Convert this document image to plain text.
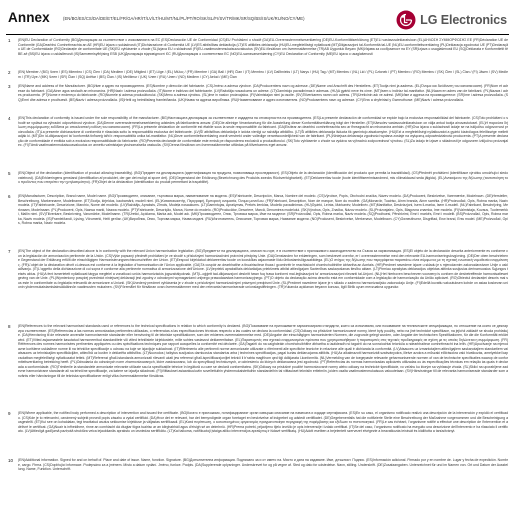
Annex	(EN/BG/ES/CS/DA/DE/ET/EL/FR/GA/HR/IT/LV/LT/HU/MT/NL/PL/PT/RO/SK/SL/FI/SV/TR/MK/SR/SQ/BS/IS/UK/RU/NO/CY/ME)	LG Electronics
1	(EN)EU Declaration of Conformity (BG)Декларация за съответствие с изискванията на ЕС (ES)Declaración UE de Conformidad (CS)EU Prohlášení o shodě (DA)EU-Overensstemmelseserklæring (DE)EU-Konformitätserklärung (ET)ELi vastavusdeklaratsioon (EL)ΔΗΛΩΣΗ ΣΥΜΜΟΡΦΩΣΗΣ ΕΕ (FR)Déclaration UE de Conformité (GA)Dearbhú Comhréireachta an AE (HR)EU izjava o sukladnosti (IT)Dichiarazione di Conformità UE (LV)ES atbilstības deklarācija (LT)ES atitikties deklaracija (HU)EU-megfelelőségi nyilatkozat (MT)Dikjarazzjoni tal-Konformità tal-UE (NL)EU-conformiteitsverklaring (PL)Deklaracja zgodności UE (PT)Declaração UE de Conformidade (RO)Declarație de conformitate UE (SK)EÚ vyhlásenie o zhode (SL)Izjava EU o skladnosti (FI)EU-vaatimustenmukaisuusvakuutus (SV)EU-försäkran om överensstämmelse (TR)AB Uygunluk Beyanı (MK)Изјава за сообразност на ЕУ (SR)Izjava o usaglašenosti EU (SQ)Deklarata e Konformitetit të BE-së (BS)EU izjava o usklađenosti (IS)Samræmisyfirlýsing ESB (UK)Декларація відповідності ЄС (RU)Декларация о соответствии ЕС (NO)EU-samsvarserklæring (CY)EU Declaration of Conformity (ME)EU izjava o usaglašenosti
2	(EN) Member / (BG) Член / (ES) Miembro / (CS) Člen / (DA) Medlem / (DE) Mitglied / (ET) Liige / (EL) Μέλος / (FR) Membre / (GA) Ball / (HR) Član / (IT) Membro / (LV) Dalībnieks / (LT) Narys / (HU) Tag / (MT) Membru / (NL) Lid / (PL) Członek / (PT) Membro / (RO) Membru / (SK) Člen / (SL) Član / (FI) Jäsen / (SV) Medlem / (TR) Üye / (MK) Член / (SR) Član / (SQ) Anëtar / (BS) Član / (IS) Meðlimur / (UK) Член / (RU) Член / (NO) Medlem / (CY) Aelod / (ME) Član
3	(EN)Name and address of the Manufacturer. (BG)Име и адрес на производителя. (ES)Nombre y dirección del fabricante. (CS)Jméno a adresa výrobce. (DA)Producentens navn og adresse. (DE)Name und Anschrift des Herstellers. (ET)Tootja nimi ja aadress. (EL)Όνομα και διεύθυνση του κατασκευαστή. (FR)Nom et adresse du fabricant. (GA)Ainm agus seoladh an mhonaróra. (HR)Naziv i adresa proizvođača. (IT)Nome e indirizzo del fabbricante. (LV)Ražotāja nosaukums un adrese. (LT)Gamintojo pavadinimas ir adresas. (HU)A gyártó neve és címe. (MT)Isem u indirizz tal-manifattur. (NL)Naam en adres van de fabrikant. (PL)Nazwa i adres producenta. (PT)Nome e endereço do fabricante. (RO)Numele și adresa producătorului. (SK)Meno a adresa výrobcu. (SL)Ime in naslov proizvajalca. (FI)Valmistajan nimi ja osoite. (SV)Tillverkarens namn och adress. (TR)Üreticinin adı ve adresi. (MK)Име и адреса на производителот. (SR)Ime i adresa proizvođača. (SQ)Emri dhe adresa e prodhuesit. (BS)Naziv i adresa proizvođača. (IS)Heiti og heimilisfang framleiðanda. (UK)Назва та адреса виробника. (RU)Наименование и адрес изготовителя. (NO)Produsentens navn og adresse. (CY)Enw a chyfeiriad y Gwneuthurwr. (ME)Naziv i adresa proizvođača.
4	(EN)This declaration of conformity is issued under the sole responsibility of the manufacturer. (BG)Настоящата декларация за съответствие е издадена на отговорността на производителя. (ES)La presente declaración de conformidad se expide bajo la exclusiva responsabilidad del fabricante. (CS)Toto prohlášení o shodě se vydává na výhradní odpovědnost výrobce. (DA)Denne overensstemmelseserklæring udstedes på fabrikantens ansvar. (DE)Die alleinige Verantwortung für die Ausstellung dieser Konformitätserklärung trägt der Hersteller. (ET)Käesolev vastavusdeklaratsioon on välja antud tootja ainuvastutusel. (EL)Η παρούσα δήλωση συμμόρφωσης εκδίδεται με αποκλειστική ευθύνη του κατασκευαστή. (FR)La présente déclaration de conformité est établie sous la seule responsabilité du fabricant. (GA)Eisítear an dearbhú comhréireachta seo ar fhreagracht an mhonaróra amháin. (HR)Ova izjava o sukladnosti izdaje se na isključivu odgovornost proizvođača. (IT)La presente dichiarazione di conformità è rilasciata sotto la responsabilità esclusiva del fabbricante. (LV)Šī atbilstības deklarācija ir izdota vienīgi uz ražotāja atbildību. (LT)Ši atitikties deklaracija išduota tik gamintojo atsakomybe. (HU)Ezt a megfelelőségi nyilatkozatot a gyártó kizárólagos felelőssége mellett adják ki. (MT)Din id-dikjarazzjoni ta’ konformità tinħareġ taħt ir-responsabbiltà unika tal-manifattur. (NL)Deze conformiteitsverklaring wordt verstrekt onder volledige verantwoordelijkheid van de fabrikant. (PL)Niniejsza deklaracja zgodności wydana zostaje na wyłączną odpowiedzialność producenta. (PT)A presente declaração de conformidade é emitida sob a exclusiva responsabilidade do fabricante. (RO)Prezenta declarație de conformitate este emisă pe răspunderea exclusivă a producătorului. (SK)Toto vyhlásenie o zhode sa vydáva na výhradnú zodpovednosť výrobcu. (SL)Za izdajo te izjave o skladnosti je odgovoren izključno proizvajalec. (FI)Tämä vaatimustenmukaisuusvakuutus on annettu valmistajan yksinomaisella vastuulla. (SV)Denna försäkran om överensstämmelse utfärdas på tillverkarens eget ansvar.
5	(EN)Object of the declaration (Identification of product allowing traceability). (BG)Предмет на декларацията (идентификация на продукта, позволяваща проследимост). (ES)Objeto de la declaración (identificación del producto que permita la trazabilidad). (CS)Předmět prohlášení (identifikace výrobku umožňující sledovatelnost). (DA)Erklæringens genstand (identifikation af produktet, der gør det muligt at spore det). (DE)Gegenstand der Erklärung (Bezeichnung des Produkts zwecks Rückverfolgbarkeit). (ET)Deklareeritav toode (toote identifitseerimisandmed, mis võimaldavad seda jälgida). (EL)Αντικείμενο της δήλωσης (ταυτοποίηση του προϊόντος που επιτρέπει την ιχνηλασιμότητα). (FR)Objet de la déclaration (identification du produit permettant la traçabilité).
6	(EN)Manufacturer, Description, Brand name, Model name. (BG)Производител, описание, търговска марка, наименование на модела. (ES)Fabricante, Descripción, Marca, Nombre del modelo. (CS)Výrobce, Popis, Obchodní značka, Název modelu. (DA)Producent, Beskrivelse, Varemærke, Modelnavn. (DE)Hersteller, Beschreibung, Markenname, Modellname. (ET)Tootja, kirjeldus, kaubamärk, mudeli nimi. (EL)Κατασκευαστής, Περιγραφή, Εμπορική ονομασία, Όνομα μοντέλου. (FR)Fabricant, Description, Nom de marque, Nom du modèle. (GA)Monaróir, Tuairisc, Ainm branda, Ainm samhla. (HR)Proizvođač, Opis, Robna marka, Naziv modela. (IT)Fabbricante, Descrizione, Marchio, Nome del modello. (LV)Ražotājs, Apraksts, Zīmols, Modeļa nosaukums. (LT)Gamintojas, Aprašymas, Prekės ženklas, Modelio pavadinimas. (HU)Gyártó, Leírás, Márkanév, Modellnév. (MT)Manifattur, Deskrizzjoni, Isem il-marka, Isem il-mudell. (NL)Fabrikant, Beschrijving, Merknaam, Modelnaam. (PL)Producent, Opis, Nazwa marki, Nazwa modelu. (PT)Fabricante, Descrição, Marca, Nome do modelo. (RO)Producător, Descriere, Marcă, Denumirea modelului. (SK)Výrobca, Opis, Značka, Názov modelu. (SL)Proizvajalec, Opis, Blagovna znamka, Ime modela. (FI)Valmistaja, Kuvaus, Tuotemerkki, Mallin nimi. (SV)Tillverkare, Beskrivning, Varumärke, Modellnamn. (TR)Üretici, Açıklama, Marka adı, Model adı. (MK)Производител, Опис, Трговска марка, Име на моделот. (SR)Proizvođač, Opis, Robna marka, Naziv modela. (SQ)Prodhuesi, Përshkrimi, Emri i markës, Emri i modelit. (BS)Proizvođač, Opis, Robna marka, Naziv modela. (IS)Framleiðandi, Lýsing, Vörumerki, Heiti gerðar. (UK)Виробник, Опис, Торгова марка, Назва моделі. (RU)Изготовитель, Описание, Торговая марка, Название модели. (NO)Produsent, Beskrivelse, Merkenavn, Modellnavn. (CY)Gwneuthurwr, Disgrifiad, Enw brand, Enw model. (ME)Proizvođač, Opis, Robna marka, Naziv modela.
7	(EN)The object of the declaration described above is in conformity with the relevant Union harmonisation legislation. (BG)Предметът на декларацията, описан по-горе, е в съответствие с приложимото законодателство на Съюза за хармонизация. (ES)El objeto de la declaración descrita anteriormente es conforme con la legislación de armonización pertinente de la Unión. (CS)Výše popsaný předmět prohlášení je ve shodě s příslušnými harmonizačními právními předpisy Unie. (DA)Genstanden for erklæringen, som beskrevet ovenfor, er i overensstemmelse med den relevante EU-harmoniseringslovgivning. (DE)Der oben beschriebene Gegenstand der Erklärung erfüllt die einschlägigen Harmonisierungsrechtsvorschriften der Union. (ET)Eespool kirjeldatud deklareeritav toode on kooskõlas asjaomaste liidu ühtlustamisõigusaktidega. (EL)Ο στόχος της δήλωσης που περιγράφεται παραπάνω είναι σύμφωνος με τη σχετική ενωσιακή νομοθεσία εναρμόνισης. (FR)L’objet de la déclaration décrit ci-dessus est conforme à la législation d’harmonisation de l’Union applicable. (GA)Tá cuspóir an dearbhaithe a thuairiscítear thuas i gcomhréir le reachtaíocht chomhchuibhithe ábhartha an Aontais. (HR)Predmet navedene izjave u skladu je s mjerodavnim zakonodavstvom Unije o usklađivanju. (IT)L’oggetto della dichiarazione di cui sopra è conforme alla pertinente normativa di armonizzazione dell’Unione. (LV)Iepriekš aprakstītais deklarācijas priekšmets atbilst attiecīgajam Savienības saskaņošanas tiesību aktam. (LT)Pirmiau aprašytas deklaracijos objektas atitinka susijusius derinamuosius Sąjungos teisės aktus. (HU)A fent ismertetett nyilatkozat tárgya megfelel a vonatkozó uniós harmonizációs jogszabályoknak. (MT)L-oġġett tad-dikjarazzjoni deskritt hawn fuq huwa konformi mal-leġislazzjoni ta’ armonizzazzjoni rilevanti tal-Unjoni. (NL)Het hierboven beschreven voorwerp is conform de desbetreffende harmonisatiewetgeving van de Unie. (PL)Wymieniony powyżej przedmiot niniejszej deklaracji jest zgodny z odnośnymi wymaganiami unijnego prawodawstwa harmonizacyjnego. (PT)O objeto da declaração acima descrito está em conformidade com a legislação de harmonização da União aplicável. (RO)Obiectul declarației descris mai sus este în conformitate cu legislația relevantă de armonizare a Uniunii. (SK)Uvedený predmet vyhlásenia je v zhode s príslušnými harmonizačnými právnymi predpismi Únie. (SL)Predmet navedene izjave je v skladu z zadevno harmonizacijsko zakonodajo Unije. (FI)Edellä kuvattu vakuutuksen kohde on asiaa koskevan unionin yhdenmukaistamislainsäädännön vaatimusten mukainen. (SV)Föremålet för försäkran ovan överensstämmer med den relevanta harmoniserade unionslagstiftningen. (TR)Yukarıda açıklanan beyanın konusu, ilgili Birlik uyum mevzuatına uygundur.
8	(EN)References to the relevant harmonised standards used or references to the technical specifications in relation to which conformity is declared. (BG)Позоваване на приложимите хармонизирани стандарти, които са използвани, или позоваване на техническите спецификации, по отношение на които се декларира съответствие. (ES)Referencias a las normas armonizadas pertinentes utilizadas, o referencias a las especificaciones técnicas respecto a las cuales se declara la conformidad. (CS)Odkazy na příslušné harmonizované normy, které byly použity, nebo na jiné technické specifikace, na jejichž základě se shoda prohlašuje. (DA)Henvisning til de relevante anvendte harmoniserede standarder eller henvisning til de tekniske specifikationer, som der erklæres overensstemmelse med. (DE)Angabe der einschlägigen harmonisierten Normen, die zugrunde gelegt wurden, oder Angabe der technischen Spezifikationen, für die die Konformität erklärt wird. (ET)Viited asjaomastele kasutatud harmoneeritud standarditele või viited tehnilistele kirjeldustele, mille suhtes vastavust deklareeritakse. (EL)Παραπομπές στα σχετικά εναρμονισμένα πρότυπα που χρησιμοποιήθηκαν ή παραπομπές στις τεχνικές προδιαγραφές σε σχέση με τις οποίες δηλώνεται η συμμόρφωση. (FR)Références des normes harmonisées pertinentes appliquées ou des spécifications techniques par rapport auxquelles la conformité est déclarée. (GA)Tagairtí do na caighdeáin chomhchuibhithe ábhartha a úsáideadh nó tagairtí do na sonraíochtaí teicniúla a ndearbhaítear comhréireacht ina leith. (HR)Upućivanje na mjerodavne korištene usklađene norme ili na tehničke specifikacije u odnosu na koje se izjavljuje sukladnost. (IT)Riferimento alle pertinenti norme armonizzate utilizzate o riferimenti alle specifiche tecniche in relazione alle quali è dichiarata la conformità. (LV)Atsauces uz izmantotajiem attiecīgajiem saskaņotajiem standartiem vai atsauces uz tehniskajām specifikācijām, attiecībā uz kurām ir deklarēta atbilstība. (LT)Nuorodos į taikytus susijusius darniuosius standartus arba į technines specifikacijas, pagal kurias deklaruojama atitiktis. (HU)Az alkalmazott harmonizált szabványokra, illetve azokra a műszaki előírásokra való hivatkozás, amelyekkel kapcsolatban megfelelőségi nyilatkozatot tettek. (MT)Referenzi għall-istandards armonizzati rilevanti użati jew referenzi għall-ispeċifikazzjonijiet tekniċi li b’rabta magħhom qed tiġi ddikjarata l-konformità. (NL)Vermelding van de toegepaste relevante geharmoniseerde normen of van de technische specificaties waarop de conformiteitsverklaring betrekking heeft. (PL)Odwołania do odnośnych norm zharmonizowanych, które zastosowano, lub do specyfikacji technicznych, w odniesieniu do których deklarowana jest zgodność. (PT)Referências às normas harmonizadas aplicáveis utilizadas ou às especificações técnicas em relação às quais é declarada a conformidade. (RO)Trimiterile la standardele armonizate relevante utilizate sau la specificațiile tehnice în legătură cu care se declară conformitatea. (SK)Odkazy na príslušné použité harmonizované normy alebo odkazy na technické špecifikácie, vo vzťahu ku ktorým sa vyhlasuje zhoda. (SL)Sklici na uporabljene zadevne harmonizirane standarde ali na tehnične specifikacije, za katere se izjavlja skladnost. (FI)Viittaukset asiaankuuluviin sovellettuihin yhdenmukaistettuihin standardeihin tai viittaukset teknisiin eritelmiin, joiden osalta vaatimustenmukaisuus vakuutetaan. (SV)Hänvisningar till de relevanta harmoniserade standarder som använts eller hänvisningar till de tekniska specifikationer enligt vilka överensstämmelse försäkras.
9	(EN)Where applicable, the notified body performed a description of intervention and issued the certificate. (BG)Когато е приложимо, нотифицираният орган извърши описание на намесата и издаде сертификата. (ES)En su caso, el organismo notificado realizó una descripción de la intervención y expidió el certificado. (CS)Kde je to relevantní, oznámený subjekt provedl popis zásahu a vydal certifikát. (DA)Hvor det er relevant, har det bemyndigede organ foretaget en beskrivelse af indgrebet og udstedt certifikatet. (DE)Gegebenenfalls hat die notifizierte Stelle eine Beschreibung der Maßnahme vorgenommen und die Bescheinigung ausgestellt. (ET)Kui see on kohaldatav, tegi teavitatud asutus sekkumise kirjelduse ja väljastas sertifikaadi. (EL)Κατά περίπτωση, ο κοινοποιημένος οργανισμός πραγματοποίησε περιγραφή της παρέμβασης και εξέδωσε το πιστοποιητικό. (FR)Le cas échéant, l’organisme notifié a effectué une description de l’intervention et a délivré le certificat. (GA)Nuair is infheidhme, rinne an comhlacht dá dtugtar fógra tuairisc ar an idirghabháil agus d’eisigh sé an deimhniú. (HR)Prema potrebi, prijavljeno tijelo izvršilo je opis intervencije i izdalo certifikat. (IT)Se del caso, l’organismo notificato ha eseguito una descrizione dell’intervento e ha rilasciato il certificato. (LV)Attiecīgā gadījumā paziņotā struktūra veica iejaukšanās aprakstu un izsniedza sertifikātu. (LT)Kai taikoma, notifikuotoji įstaiga atliko intervencijos aprašymą ir išdavė sertifikatą. (HU)Adott esetben a bejelentett szervezet elvégezte a beavatkozás leírását és kiállította a tanúsítványt.
10	(EN)Additional information. Signed for and on behalf of. Place and date of issue. Name, function. Signature. (BG)Допълнителна информация. Подписано за и от името на. Място и дата на издаване. Име, длъжност. Подпис. (ES)Información adicional. Firmado por y en nombre de. Lugar y fecha de expedición. Nombre, cargo. Firma. (CS)Doplňující informace. Podepsáno za a jménem. Místo a datum vydání. Jméno, funkce. Podpis. (DA)Supplerende oplysninger. Underskrevet for og på vegne af. Sted og dato for udstedelse. Navn, stilling. Underskrift. (DE)Zusatzangaben. Unterzeichnet für und im Namen von. Ort und Datum der Ausstellung. Name, Funktion. Unterschrift.
